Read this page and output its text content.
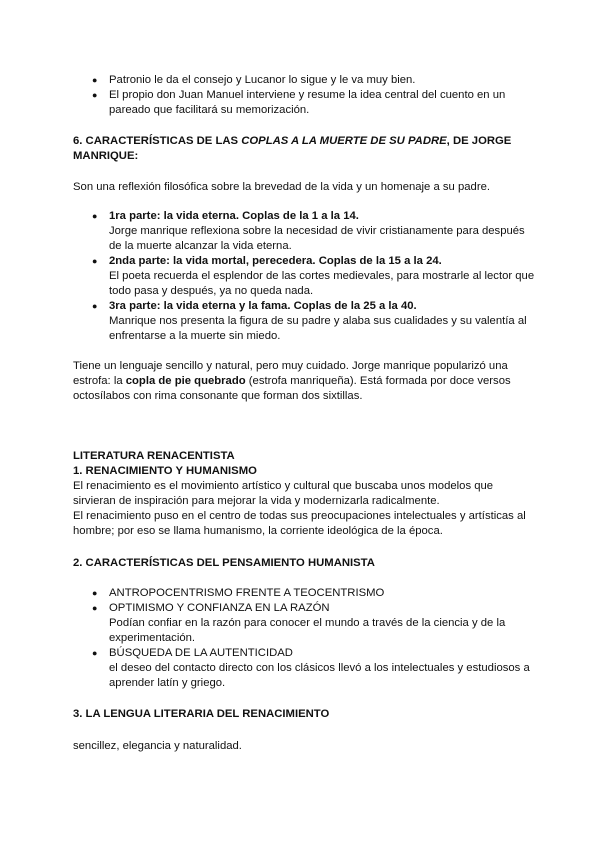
● Patronio le da el consejo y Lucanor lo sigue y le va muy bien.
● El propio don Juan Manuel interviene y resume la idea central del cuento en un
pareado que facilitará su memorización.
6. CARACTERÍSTICAS DE LAS COPLAS A LA MUERTE DE SU PADRE, DE JORGE
MANRIQUE:
Son una reflexión filosófica sobre la brevedad de la vida y un homenaje a su padre.
● 1ra parte: la vida eterna. Coplas de la 1 a la 14.
Jorge manrique reflexiona sobre la necesidad de vivir cristianamente para después
de la muerte alcanzar la vida eterna.
● 2nda parte: la vida mortal, perecedera. Coplas de la 15 a la 24.
El poeta recuerda el esplendor de las cortes medievales, para mostrarle al lector que
todo pasa y después, ya no queda nada.
● 3ra parte: la vida eterna y la fama. Coplas de la 25 a la 40.
Manrique nos presenta la figura de su padre y alaba sus cualidades y su valentía al
enfrentarse a la muerte sin miedo.
Tiene un lenguaje sencillo y natural, pero muy cuidado. Jorge manrique popularizó una
estrofa: la copla de pie quebrado (estrofa manriqueña). Está formada por doce versos
octosílabos con rima consonante que forman dos sixtillas.
LITERATURA RENACENTISTA
1. RENACIMIENTO Y HUMANISMO
El renacimiento es el movimiento artístico y cultural que buscaba unos modelos que
sirvieran de inspiración para mejorar la vida y modernizarla radicalmente.
El renacimiento puso en el centro de todas sus preocupaciones intelectuales y artísticas al
hombre; por eso se llama humanismo, la corriente ideológica de la época.
2. CARACTERÍSTICAS DEL PENSAMIENTO HUMANISTA
● ANTROPOCENTRISMO FRENTE A TEOCENTRISMO
● OPTIMISMO Y CONFIANZA EN LA RAZÓN
Podían confiar en la razón para conocer el mundo a través de la ciencia y de la
experimentación.
● BÚSQUEDA DE LA AUTENTICIDAD
el deseo del contacto directo con los clásicos llevó a los intelectuales y estudiosos a
aprender latín y griego.
3. LA LENGUA LITERARIA DEL RENACIMIENTO
sencillez, elegancia y naturalidad.
